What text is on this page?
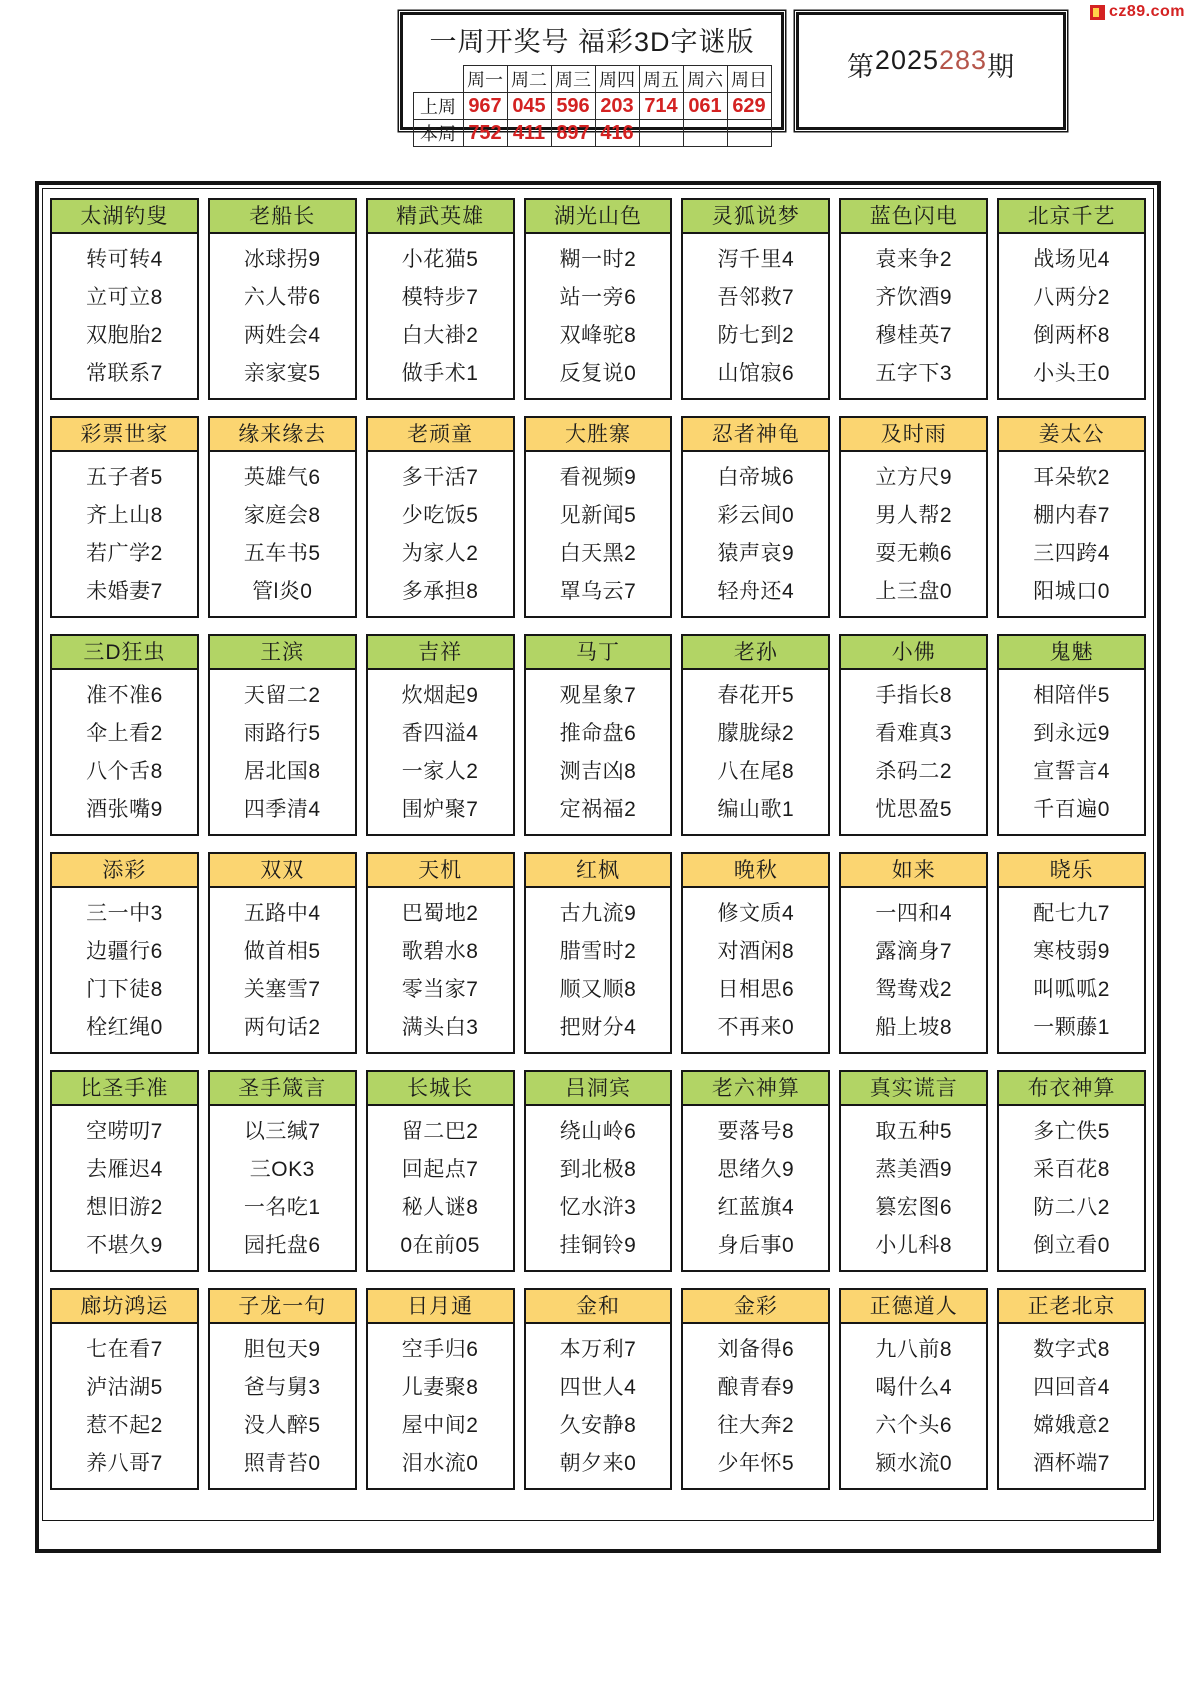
cz89.com
一周开奖号 福彩3D字谜版
	周一	周二	周三	周四	周五	周六	周日
上周	967	045	596	203	714	061	629
本周	752	411	897	416			
第 2025 283 期
太湖钓叟
转可转4
立可立8
双胞胎2
常联系7
老船长
冰球拐9
六人带6
两姓会4
亲家宴5
精武英雄
小花猫5
模特步7
白大褂2
做手术1
湖光山色
糊一时2
站一旁6
双峰驼8
反复说0
灵狐说梦
泻千里4
吾邻救7
防七到2
山馆寂6
蓝色闪电
袁来争2
齐饮酒9
穆桂英7
五字下3
北京千艺
战场见4
八两分2
倒两杯8
小头王0
彩票世家
五子者5
齐上山8
若广学2
未婚妻7
缘来缘去
英雄气6
家庭会8
五车书5
管l炎0
老顽童
多干活7
少吃饭5
为家人2
多承担8
大胜寨
看视频9
见新闻5
白天黑2
罩乌云7
忍者神龟
白帝城6
彩云间0
猿声哀9
轻舟还4
及时雨
立方尺9
男人帮2
耍无赖6
上三盘0
姜太公
耳朵软2
棚内春7
三四跨4
阳城口0
三D狂虫
准不准6
伞上看2
八个舌8
酒张嘴9
王滨
天留二2
雨路行5
居北国8
四季清4
吉祥
炊烟起9
香四溢4
一家人2
围炉聚7
马丁
观星象7
推命盘6
测吉凶8
定祸福2
老孙
春花开5
朦胧绿2
八在尾8
编山歌1
小佛
手指长8
看难真3
杀码二2
忧思盈5
鬼魅
相陪伴5
到永远9
宣誓言4
千百遍0
添彩
三一中3
边疆行6
门下徒8
栓红绳0
双双
五路中4
做首相5
关塞雪7
两句话2
天机
巴蜀地2
歌碧水8
零当家7
满头白3
红枫
古九流9
腊雪时2
顺又顺8
把财分4
晚秋
修文质4
对酒闲8
日相思6
不再来0
如来
一四和4
露滴身7
鸳鸯戏2
船上坡8
晓乐
配七九7
寒枝弱9
叫呱呱2
一颗藤1
比圣手准
空唠叨7
去雁迟4
想旧游2
不堪久9
圣手箴言
以三缄7
三OK3
一名吃1
园托盘6
长城长
留二巴2
回起点7
秘人谜8
0在前05
吕洞宾
绕山岭6
到北极8
忆水浒3
挂铜铃9
老六神算
要落号8
思绪久9
红蓝旗4
身后事0
真实谎言
取五种5
蒸美酒9
篡宏图6
小儿科8
布衣神算
多亡佚5
采百花8
防二八2
倒立看0
廊坊鸿运
七在看7
泸沽湖5
惹不起2
养八哥7
子龙一句
胆包天9
爸与舅3
没人醉5
照青苔0
日月通
空手归6
儿妻聚8
屋中间2
泪水流0
金和
本万利7
四世人4
久安静8
朝夕来0
金彩
刘备得6
酿青春9
往大奔2
少年怀5
正德道人
九八前8
喝什么4
六个头6
颍水流0
正老北京
数字式8
四回音4
嫦娥意2
酒杯端7
